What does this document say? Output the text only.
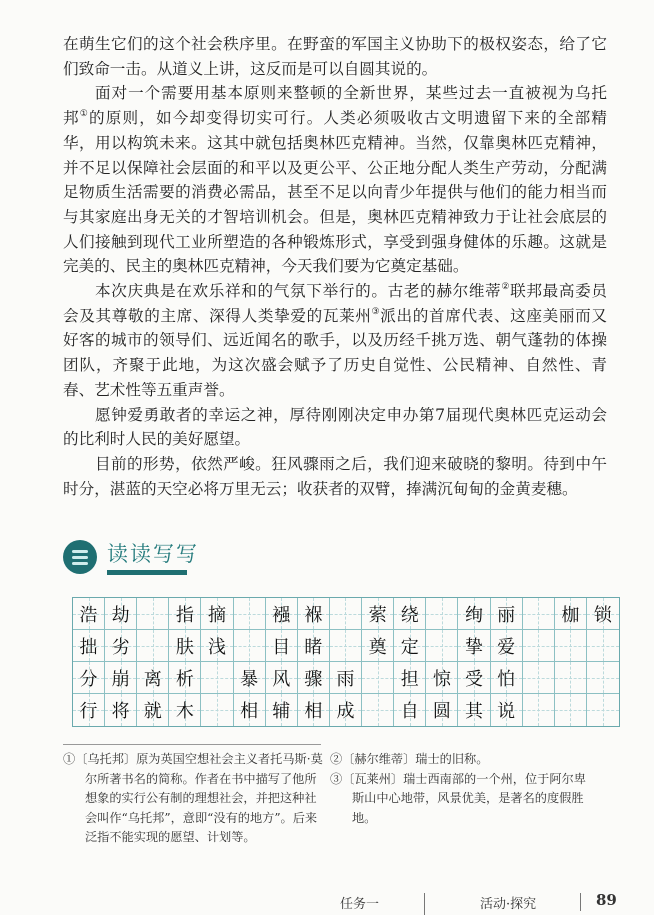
在萌生它们的这个社会秩序里。在野蛮的军国主义协助下的极权姿态，给了它
们致命一击。从道义上讲，这反而是可以自圆其说的。
面对一个需要用基本原则来整顿的全新世界，某些过去一直被视为乌托
邦①的原则，如今却变得切实可行。人类必须吸收古文明遗留下来的全部精
华，用以构筑未来。这其中就包括奥林匹克精神。当然，仅靠奥林匹克精神，
并不足以保障社会层面的和平以及更公平、公正地分配人类生产劳动，分配满
足物质生活需要的消费必需品，甚至不足以向青少年提供与他们的能力相当而
与其家庭出身无关的才智培训机会。但是，奥林匹克精神致力于让社会底层的
人们接触到现代工业所塑造的各种锻炼形式，享受到强身健体的乐趣。这就是
完美的、民主的奥林匹克精神，今天我们要为它奠定基础。
本次庆典是在欢乐祥和的气氛下举行的。古老的赫尔维蒂②联邦最高委员
会及其尊敬的主席、深得人类挚爱的瓦莱州③派出的首席代表、这座美丽而又
好客的城市的领导们、远近闻名的歌手，以及历经千挑万选、朝气蓬勃的体操
团队，齐聚于此地，为这次盛会赋予了历史自觉性、公民精神、自然性、青
春、艺术性等五重声誉。
愿钟爱勇敢者的幸运之神，厚待刚刚决定申办第7届现代奥林匹克运动会
的比利时人民的美好愿望。
目前的形势，依然严峻。狂风骤雨之后，我们迎来破晓的黎明。待到中午
时分，湛蓝的天空必将万里无云；收获者的双臂，捧满沉甸甸的金黄麦穗。
读读写写
浩 劫	指 摘	襁 褓	萦 绕	绚 丽	枷 锁
拙 劣	肤 浅	目 睹	奠 定	挚 爱
分 崩 离 析	暴 风 骤 雨	担 惊 受 怕
行 将 就 木	相 辅 相 成	自 圆 其 说
①〔乌托邦〕原为英国空想社会主义者托马斯·莫尔所著书名的简称。作者在书中描写了他所想象的实行公有制的理想社会，并把这种社会叫作“乌托邦”，意即“没有的地方”。后来泛指不能实现的愿望、计划等。
②〔赫尔维蒂〕瑞士的旧称。
③〔瓦莱州〕瑞士西南部的一个州，位于阿尔卑斯山中心地带，风景优美，是著名的度假胜地。
任务一	活动·探究	89
